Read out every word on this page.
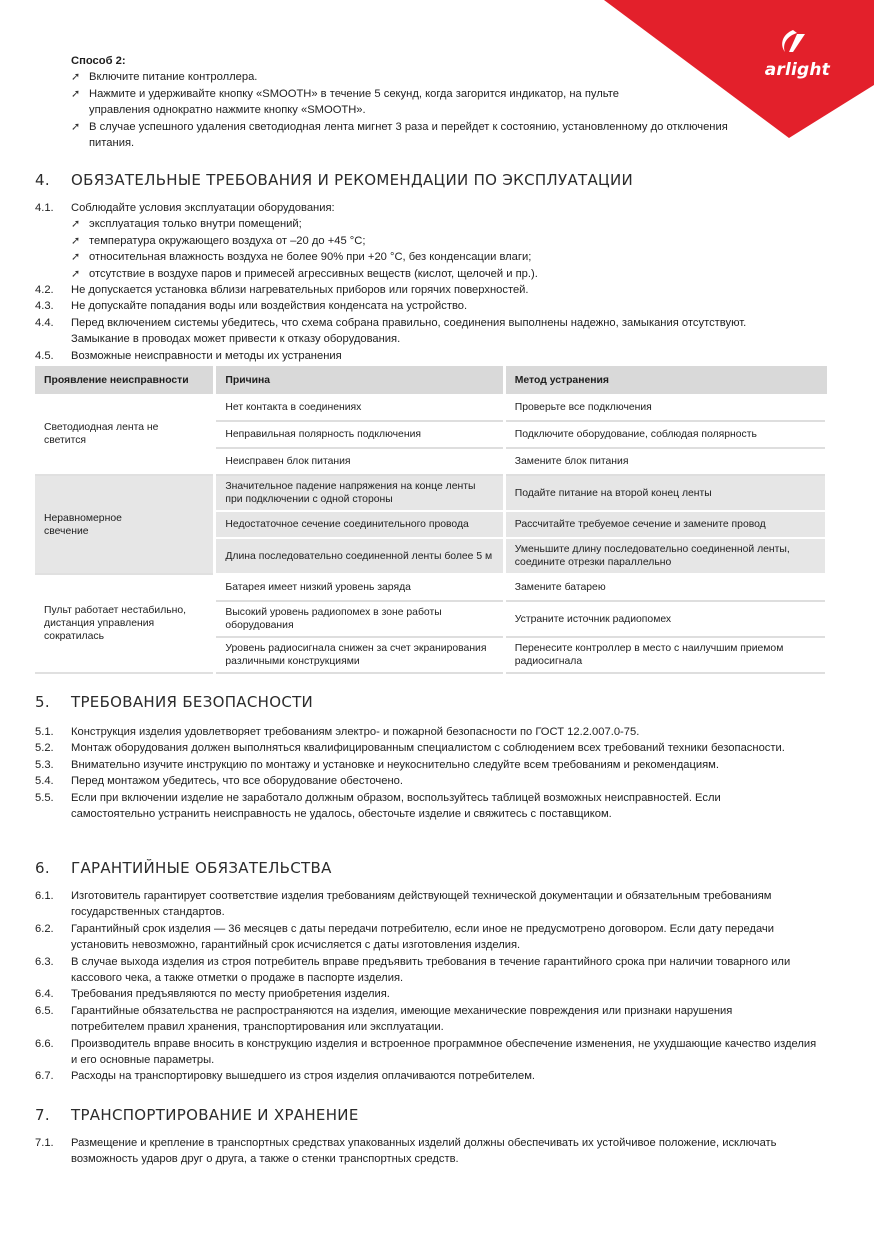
arlight
Способ 2:
➚ Включите питание контроллера.
➚ Нажмите и удерживайте кнопку «SMOOTH» в течение 5 секунд, когда загорится индикатор, на пульте управления однократно нажмите кнопку «SMOOTH».
➚ В случае успешного удаления светодиодная лента мигнет 3 раза и перейдет к состоянию, установленному до отключения питания.
4. ОБЯЗАТЕЛЬНЫЕ ТРЕБОВАНИЯ И РЕКОМЕНДАЦИИ ПО ЭКСПЛУАТАЦИИ
4.1. Соблюдайте условия эксплуатации оборудования:
➚ эксплуатация только внутри помещений;
➚ температура окружающего воздуха от –20 до +45 °C;
➚ относительная влажность воздуха не более 90% при +20 °C, без конденсации влаги;
➚ отсутствие в воздухе паров и примесей агрессивных веществ (кислот, щелочей и пр.).
4.2. Не допускается установка вблизи нагревательных приборов или горячих поверхностей.
4.3. Не допускайте попадания воды или воздействия конденсата на устройство.
4.4. Перед включением системы убедитесь, что схема собрана правильно, соединения выполнены надежно, замыкания отсутствуют. Замыкание в проводах может привести к отказу оборудования.
4.5. Возможные неисправности и методы их устранения
Проявление неисправности	Причина	Метод устранения
Светодиодная лента не светится	Нет контакта в соединениях	Проверьте все подключения
	Неправильная полярность подключения	Подключите оборудование, соблюдая полярность
	Неисправен блок питания	Замените блок питания
Неравномерное свечение	Значительное падение напряжения на конце ленты при подключении с одной стороны	Подайте питание на второй конец ленты
	Недостаточное сечение соединительного провода	Рассчитайте требуемое сечение и замените провод
	Длина последовательно соединенной ленты более 5 м	Уменьшите длину последовательно соединенной ленты, соедините отрезки параллельно
Пульт работает нестабильно, дистанция управления сократилась	Батарея имеет низкий уровень заряда	Замените батарею
	Высокий уровень радиопомех в зоне работы оборудования	Устраните источник радиопомех
	Уровень радиосигнала снижен за счет экранирования различными конструкциями	Перенесите контроллер в место с наилучшим приемом радиосигнала
5. ТРЕБОВАНИЯ БЕЗОПАСНОСТИ
5.1. Конструкция изделия удовлетворяет требованиям электро- и пожарной безопасности по ГОСТ 12.2.007.0-75.
5.2. Монтаж оборудования должен выполняться квалифицированным специалистом с соблюдением всех требований техники безопасности.
5.3. Внимательно изучите инструкцию по монтажу и установке и неукоснительно следуйте всем требованиям и рекомендациям.
5.4. Перед монтажом убедитесь, что все оборудование обесточено.
5.5. Если при включении изделие не заработало должным образом, воспользуйтесь таблицей возможных неисправностей. Если самостоятельно устранить неисправность не удалось, обесточьте изделие и свяжитесь с поставщиком.
6. ГАРАНТИЙНЫЕ ОБЯЗАТЕЛЬСТВА
6.1. Изготовитель гарантирует соответствие изделия требованиям действующей технической документации и обязательным требованиям государственных стандартов.
6.2. Гарантийный срок изделия — 36 месяцев с даты передачи потребителю, если иное не предусмотрено договором. Если дату передачи установить невозможно, гарантийный срок исчисляется с даты изготовления изделия.
6.3. В случае выхода изделия из строя потребитель вправе предъявить требования в течение гарантийного срока при наличии товарного или кассового чека, а также отметки о продаже в паспорте изделия.
6.4. Требования предъявляются по месту приобретения изделия.
6.5. Гарантийные обязательства не распространяются на изделия, имеющие механические повреждения или признаки нарушения потребителем правил хранения, транспортирования или эксплуатации.
6.6. Производитель вправе вносить в конструкцию изделия и встроенное программное обеспечение изменения, не ухудшающие качество изделия и его основные параметры.
6.7. Расходы на транспортировку вышедшего из строя изделия оплачиваются потребителем.
7. ТРАНСПОРТИРОВАНИЕ И ХРАНЕНИЕ
7.1. Размещение и крепление в транспортных средствах упакованных изделий должны обеспечивать их устойчивое положение, исключать возможность ударов друг о друга, а также о стенки транспортных средств.
